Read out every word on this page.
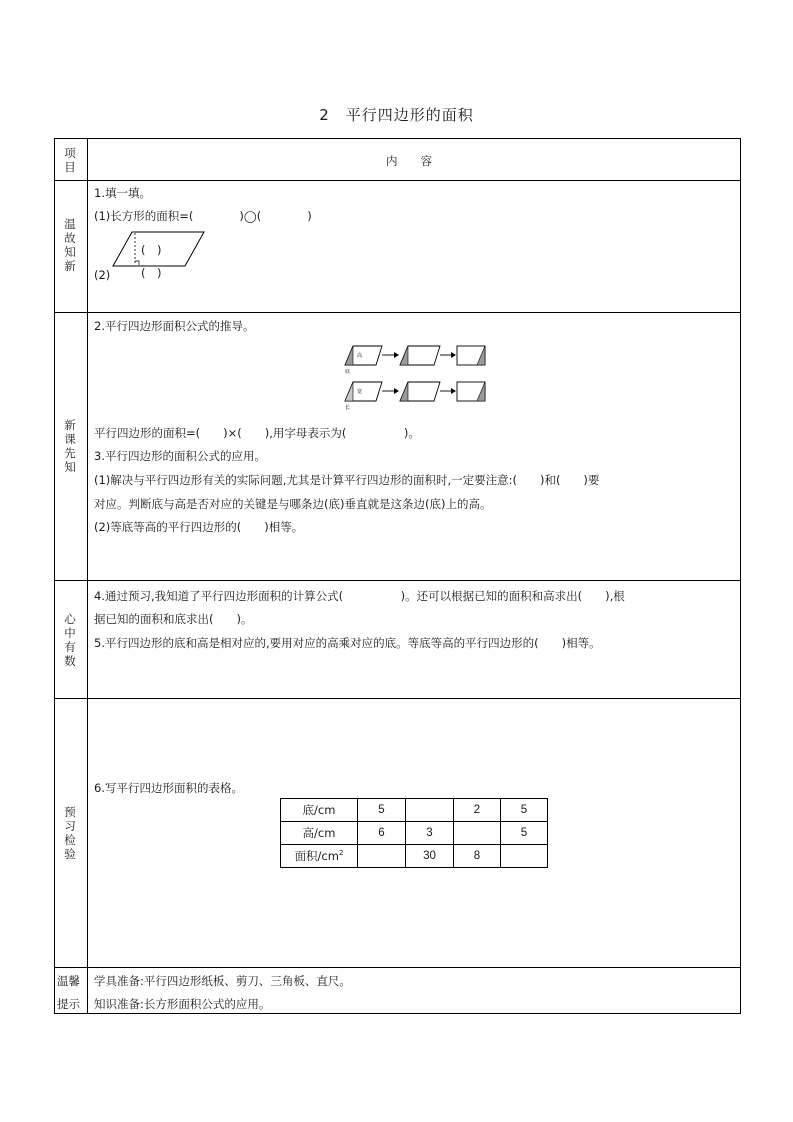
2　平行四边形的面积
项目	内　　容
温故知新
1.填一填。
(1)长方形的面积=(　　　　)◯(　　　　)
(　)
(2)	(　)
新课先知
2.平行四边形面积公式的推导。
高
底
宽
长
平行四边形的面积=(　　)×(　　),用字母表示为(　　　　　)。
3.平行四边形的面积公式的应用。
(1)解决与平行四边形有关的实际问题,尤其是计算平行四边形的面积时,一定要注意:(　　)和(　　)要
对应。判断底与高是否对应的关键是与哪条边(底)垂直就是这条边(底)上的高。
(2)等底等高的平行四边形的(　　)相等。
心中有数
4.通过预习,我知道了平行四边形面积的计算公式(　　　　　)。还可以根据已知的面积和高求出(　　),根
据已知的面积和底求出(　　)。
5.平行四边形的底和高是相对应的,要用对应的高乘对应的底。等底等高的平行四边形的(　　)相等。
预习检验
6.写平行四边形面积的表格。
底/cm	5		2	5
高/cm	6	3		5
面积$/cm^2$		30	8	
温馨
提示
学具准备:平行四边形纸板、剪刀、三角板、直尺。
知识准备:长方形面积公式的应用。
